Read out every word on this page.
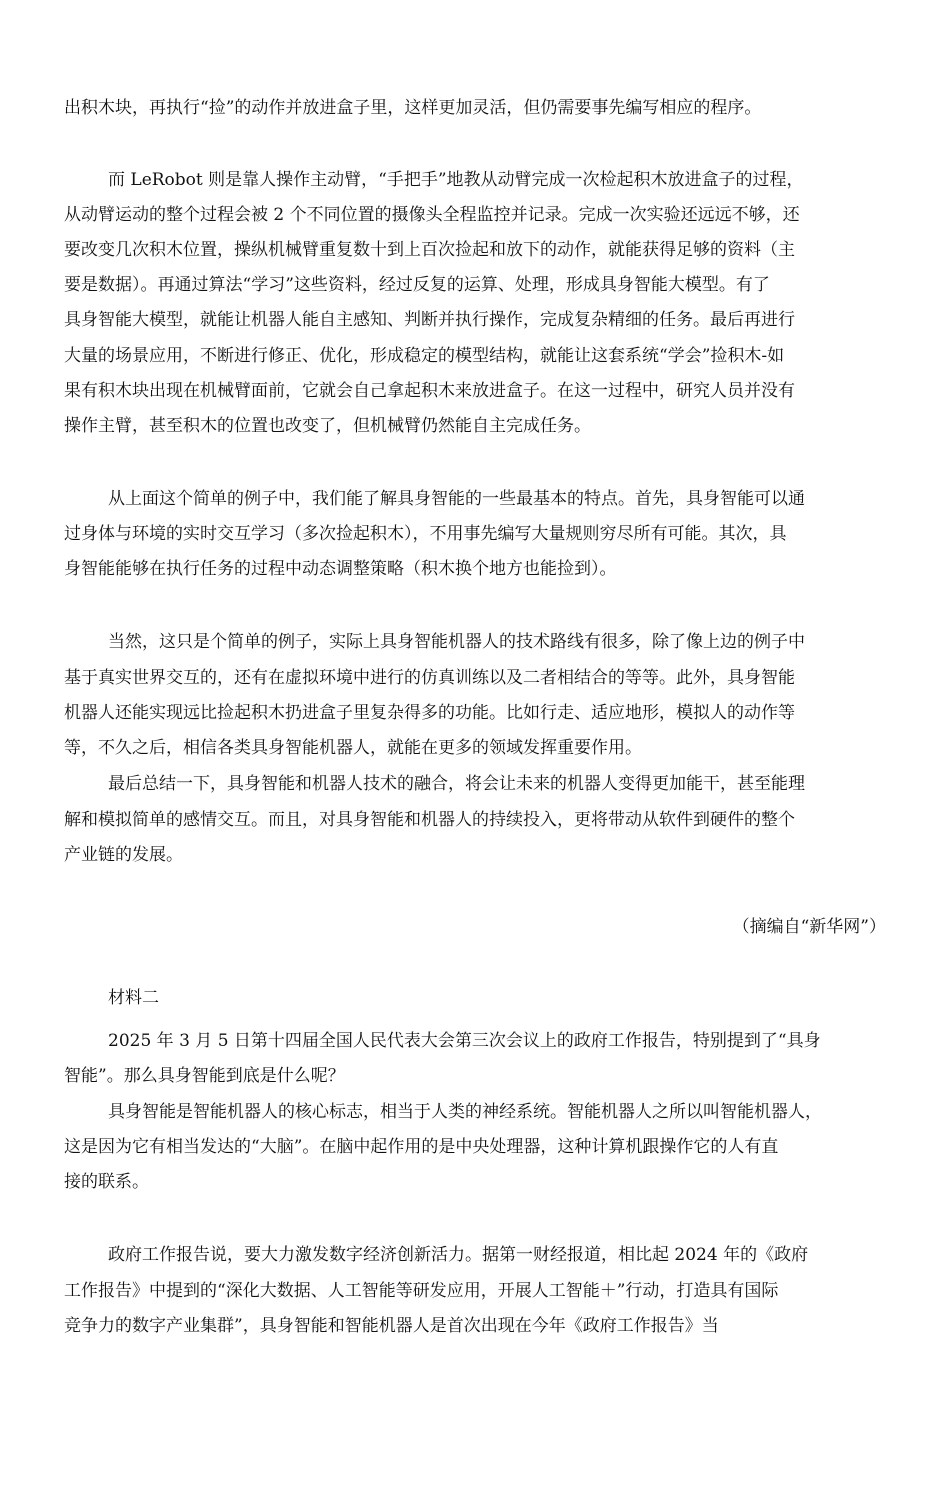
出积木块，再执行“捡”的动作并放进盒子里，这样更加灵活，但仍需要事先编写相应的程序。
而 LeRobot 则是靠人操作主动臂，“手把手”地教从动臂完成一次检起积木放进盒子的过程，
从动臂运动的整个过程会被 2 个不同位置的摄像头全程监控并记录。完成一次实验还远远不够，还
要改变几次积木位置，操纵机械臂重复数十到上百次捡起和放下的动作，就能获得足够的资料（主
要是数据）。再通过算法“学习”这些资料，经过反复的运算、处理，形成具身智能大模型。有了
具身智能大模型，就能让机器人能自主感知、判断并执行操作，完成复杂精细的任务。最后再进行
大量的场景应用，不断进行修正、优化，形成稳定的模型结构，就能让这套系统“学会”捡积木-如
果有积木块出现在机械臂面前，它就会自己拿起积木来放进盒子。在这一过程中，研究人员并没有
操作主臂，甚至积木的位置也改变了，但机械臂仍然能自主完成任务。
从上面这个简单的例子中，我们能了解具身智能的一些最基本的特点。首先，具身智能可以通
过身体与环境的实时交互学习（多次捡起积木），不用事先编写大量规则穷尽所有可能。其次，具
身智能能够在执行任务的过程中动态调整策略（积木换个地方也能捡到）。
当然，这只是个简单的例子，实际上具身智能机器人的技术路线有很多，除了像上边的例子中
基于真实世界交互的，还有在虚拟环境中进行的仿真训练以及二者相结合的等等。此外，具身智能
机器人还能实现远比捡起积木扔进盒子里复杂得多的功能。比如行走、适应地形，模拟人的动作等
等，不久之后，相信各类具身智能机器人，就能在更多的领域发挥重要作用。
最后总结一下，具身智能和机器人技术的融合，将会让未来的机器人变得更加能干，甚至能理
解和模拟简单的感情交互。而且，对具身智能和机器人的持续投入，更将带动从软件到硬件的整个
产业链的发展。
（摘编自“新华网”）
材料二
2025 年 3 月 5 日第十四届全国人民代表大会第三次会议上的政府工作报告，特别提到了“具身
智能”。那么具身智能到底是什么呢？
具身智能是智能机器人的核心标志，相当于人类的神经系统。智能机器人之所以叫智能机器人，
这是因为它有相当发达的“大脑”。在脑中起作用的是中央处理器，这种计算机跟操作它的人有直
接的联系。
政府工作报告说，要大力激发数字经济创新活力。据第一财经报道，相比起 2024 年的《政府
工作报告》中提到的“深化大数据、人工智能等研发应用，开展人工智能＋”行动，打造具有国际
竞争力的数字产业集群”，具身智能和智能机器人是首次出现在今年《政府工作报告》当
